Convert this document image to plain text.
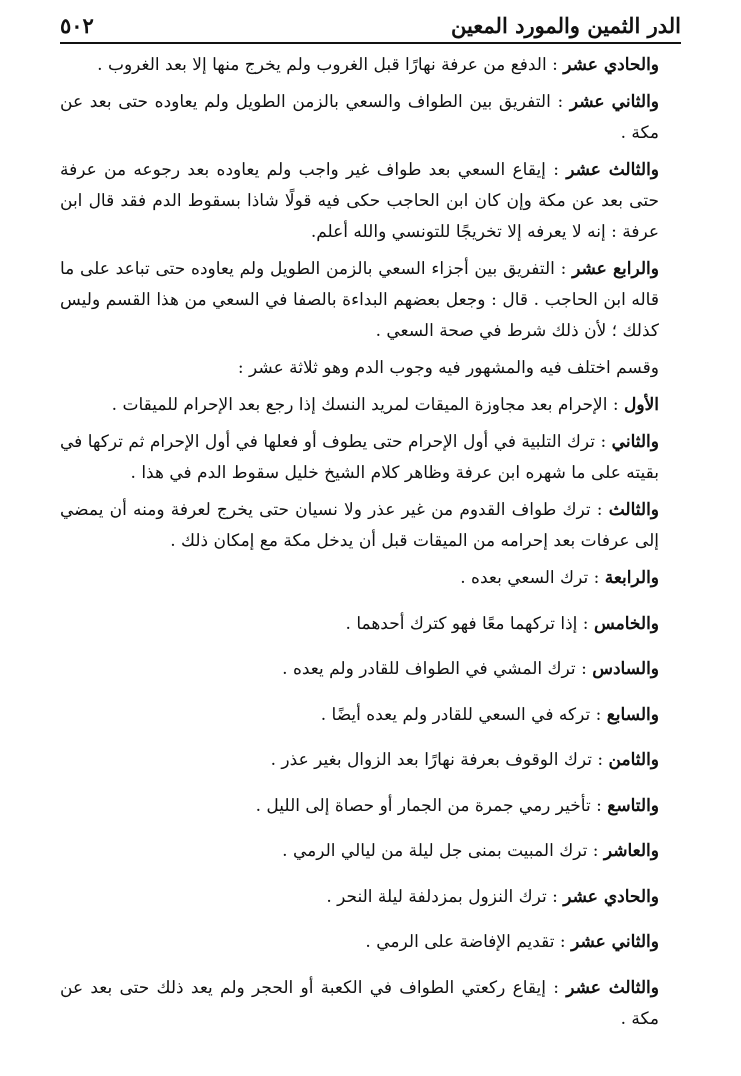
الدر الثمين والمورد المعين
٥٠٢

والحادي عشر : الدفع من عرفة نهارًا قبل الغروب ولم يخرج منها إلا بعد الغروب .

والثاني عشر : التفريق بين الطواف والسعي بالزمن الطويل ولم يعاوده حتى بعد عن مكة .

والثالث عشر : إيقاع السعي بعد طواف غير واجب ولم يعاوده بعد رجوعه من عرفة حتى بعد عن مكة وإن كان ابن الحاجب حكى فيه قولًا شاذا بسقوط الدم فقد قال ابن عرفة : إنه لا يعرفه إلا تخريجًا للتونسي والله أعلم.

والرابع عشر : التفريق بين أجزاء السعي بالزمن الطويل ولم يعاوده حتى تباعد على ما قاله ابن الحاجب . قال : وجعل بعضهم البداءة بالصفا في السعي من هذا القسم وليس كذلك ؛ لأن ذلك شرط في صحة السعي .

وقسم اختلف فيه والمشهور فيه وجوب الدم وهو ثلاثة عشر :

الأول : الإحرام بعد مجاوزة الميقات لمريد النسك إذا رجع بعد الإحرام للميقات .

والثاني : ترك التلبية في أول الإحرام حتى يطوف أو فعلها في أول الإحرام ثم تركها في بقيته على ما شهره ابن عرفة وظاهر كلام الشيخ خليل سقوط الدم في هذا .

والثالث : ترك طواف القدوم من غير عذر ولا نسيان حتى يخرج لعرفة ومنه أن يمضي إلى عرفات بعد إحرامه من الميقات قبل أن يدخل مكة مع إمكان ذلك .

والرابعة : ترك السعي بعده .

والخامس : إذا تركهما معًا فهو كترك أحدهما .

والسادس : ترك المشي في الطواف للقادر ولم يعده .

والسابع : تركه في السعي للقادر ولم يعده أيضًا .

والثامن : ترك الوقوف بعرفة نهارًا بعد الزوال بغير عذر .

والتاسع : تأخير رمي جمرة من الجمار أو حصاة إلى الليل .

والعاشر : ترك المبيت بمنى جل ليلة من ليالي الرمي .

والحادي عشر : ترك النزول بمزدلفة ليلة النحر .

والثاني عشر : تقديم الإفاضة على الرمي .

والثالث عشر : إيقاع ركعتي الطواف في الكعبة أو الحجر ولم يعد ذلك حتى بعد عن مكة .
